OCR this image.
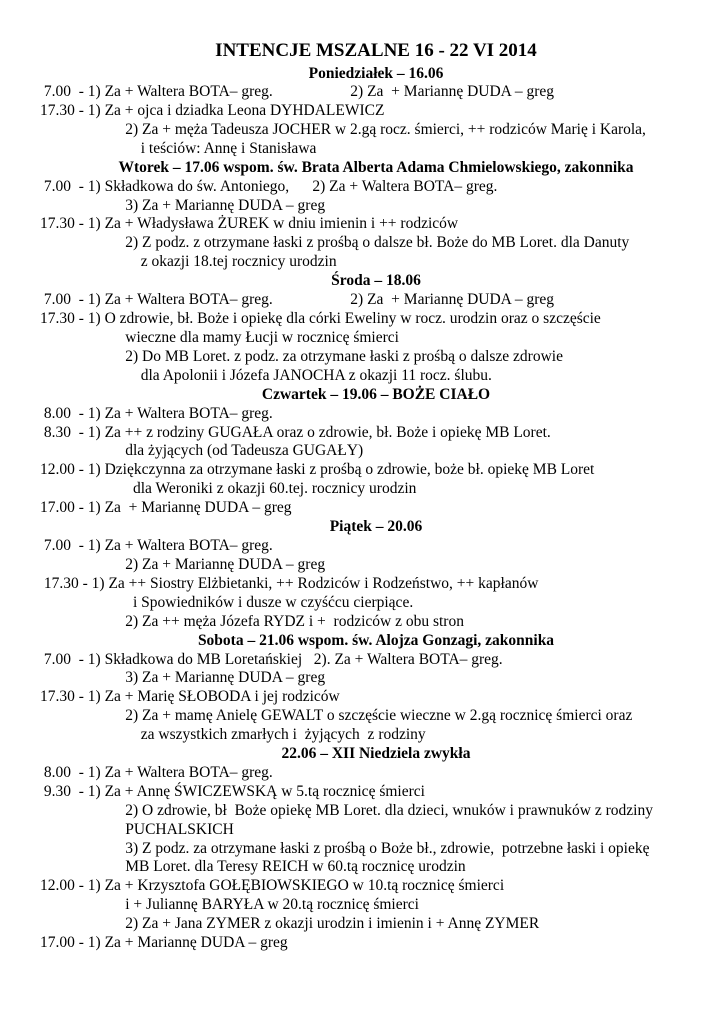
INTENCJE MSZALNE 16 - 22 VI 2014
Poniedziałek – 16.06
7.00  - 1) Za + Waltera BOTA– greg.                    2) Za  + Mariannę DUDA – greg
17.30 - 1) Za + ojca i dziadka Leona DYHDALEWICZ
2) Za + męża Tadeusza JOCHER w 2.gą rocz. śmierci, ++ rodziców Marię i Karola,
i teściów: Annę i Stanisława
Wtorek – 17.06 wspom. św. Brata Alberta Adama Chmielowskiego, zakonnika
7.00  - 1) Składkowa do św. Antoniego,      2) Za + Waltera BOTA– greg.
3) Za + Mariannę DUDA – greg
17.30 - 1) Za + Władysława ŻUREK w dniu imienin i ++ rodziców
2) Z podz. z otrzymane łaski z prośbą o dalsze bł. Boże do MB Loret. dla Danuty
z okazji 18.tej rocznicy urodzin
Środa – 18.06
7.00  - 1) Za + Waltera BOTA– greg.                    2) Za  + Mariannę DUDA – greg
17.30 - 1) O zdrowie, bł. Boże i opiekę dla córki Eweliny w rocz. urodzin oraz o szczęście
wieczne dla mamy Łucji w rocznicę śmierci
2) Do MB Loret. z podz. za otrzymane łaski z prośbą o dalsze zdrowie
dla Apolonii i Józefa JANOCHA z okazji 11 rocz. ślubu.
Czwartek – 19.06 – BOŻE CIAŁO
8.00  - 1) Za + Waltera BOTA– greg.
8.30  - 1) Za ++ z rodziny GUGAŁA oraz o zdrowie, bł. Boże i opiekę MB Loret.
dla żyjących (od Tadeusza GUGAŁY)
12.00 - 1) Dziękczynna za otrzymane łaski z prośbą o zdrowie, boże bł. opiekę MB Loret
dla Weroniki z okazji 60.tej. rocznicy urodzin
17.00 - 1) Za  + Mariannę DUDA – greg
Piątek – 20.06
7.00  - 1) Za + Waltera BOTA– greg.
2) Za + Mariannę DUDA – greg
17.30 - 1) Za ++ Siostry Elżbietanki, ++ Rodziców i Rodzeństwo, ++ kapłanów
i Spowiedników i dusze w czyśćcu cierpiące.
2) Za ++ męża Józefa RYDZ i +  rodziców z obu stron
Sobota – 21.06 wspom. św. Alojza Gonzagi, zakonnika
7.00  - 1) Składkowa do MB Loretańskiej   2). Za + Waltera BOTA– greg.
3) Za + Mariannę DUDA – greg
17.30 - 1) Za + Marię SŁOBODA i jej rodziców
2) Za + mamę Anielę GEWALT o szczęście wieczne w 2.gą rocznicę śmierci oraz
za wszystkich zmarłych i  żyjących  z rodziny
22.06 – XII Niedziela zwykła
8.00  - 1) Za + Waltera BOTA– greg.
9.30  - 1) Za + Annę ŚWICZEWSKĄ w 5.tą rocznicę śmierci
2) O zdrowie, bł  Boże opiekę MB Loret. dla dzieci, wnuków i prawnuków z rodziny
PUCHALSKICH
3) Z podz. za otrzymane łaski z prośbą o Boże bł., zdrowie,  potrzebne łaski i opiekę
MB Loret. dla Teresy REICH w 60.tą rocznicę urodzin
12.00 - 1) Za + Krzysztofa GOŁĘBIOWSKIEGO w 10.tą rocznicę śmierci
i + Juliannę BARYŁA w 20.tą rocznicę śmierci
2) Za + Jana ZYMER z okazji urodzin i imienin i + Annę ZYMER
17.00 - 1) Za + Mariannę DUDA – greg
